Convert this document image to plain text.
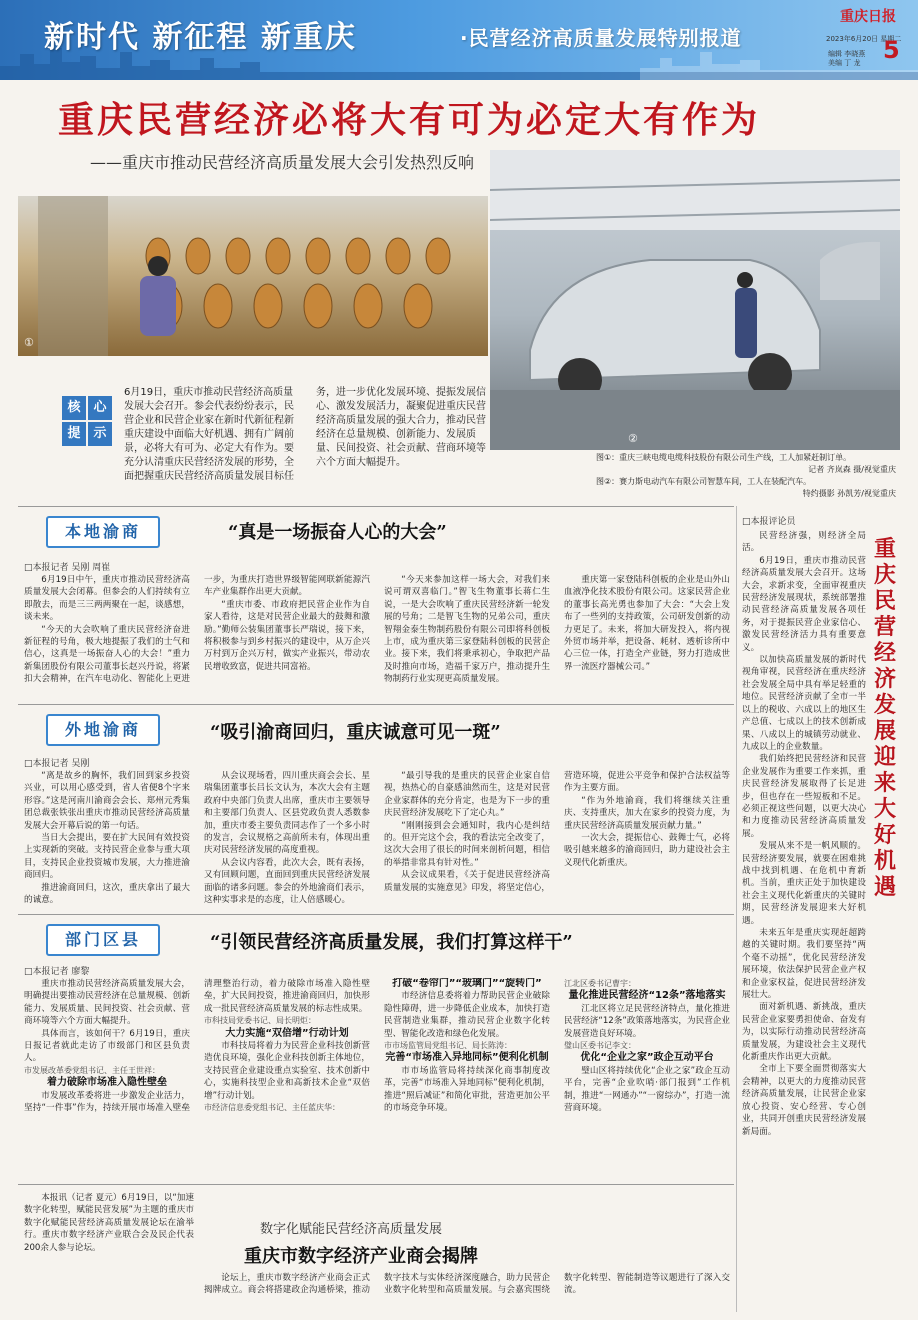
新时代 新征程 新重庆	·民营经济高质量发展特别报道
重庆日报
2023年6月20日 星期二
5
编辑 李晓燕
美编 丁 龙
重庆民营经济必将大有可为必定大有作为
——重庆市推动民营经济高质量发展大会引发热烈反响
①
②
图①：重庆三峡电缆电缆科技股份有限公司生产线，工人加紧赶制订单。
记者 齐岚森 摄/视觉重庆
图②：赛力斯电动汽车有限公司智慧车间，工人在装配汽车。
特约摄影 孙凯芳/视觉重庆
核 心
提 示
6月19日，重庆市推动民营经济高质量发展大会召开。参会代表纷纷表示，民营企业和民营企业家在新时代新征程新重庆建设中面临大好机遇、拥有广阔前景，必将大有可为、必定大有作为。要充分认清重庆民营经济发展的形势，全面把握重庆民营经济高质量发展目标任务，进一步优化发展环境、提振发展信心、激发发展活力，凝聚促进重庆民营经济高质量发展的强大合力，推动民营经济在总量规模、创新能力、发展质量、民间投资、社会贡献、营商环境等六个方面大幅提升。
本地渝商	“真是一场振奋人心的大会”
□本报记者 吴刚 周崔

6月19日中午，重庆市推动民营经济高质量发展大会闭幕。但参会的人们持续有立即散去，而是三三两两聚在一起，谈感想，谈未来。

“今天的大会吹响了重庆民营经济奋进新征程的号角，极大地提振了我们的士气和信心，这真是一场振奋人心的大会！”重力新集团股份有限公司董事长赵兴丹说，将紧扣大会精神，在汽车电动化、智能化上更进一步，为重庆打造世界级智能网联新能源汽车产业集群作出更大贡献。

“重庆市委、市政府把民营企业作为自家人看待，这是对民营企业最大的鼓舞和激励。”勤师公装集团董事长严瑞说，接下来，将积极参与到乡村振兴的建设中，从万企兴万村到万企兴万村，做实产业振兴，带动农民增收致富，促进共同富裕。

“今天来参加这样一场大会，对我们来说可谓双喜临门。”智飞生物董事长蒋仁生说，一是大会吹响了重庆民营经济新一轮发展的号角；二是智飞生物的兄弟公司，重庆智翔金泰生物制药股份有限公司即将科创板上市，成为重庆第三家登陆科创板的民营企业。接下来，我们将秉承初心，争取把产品及时推向市场，造福千家万户，推动提升生物制药行业实现更高质量发展。

重庆第一家登陆科创板的企业是山外山血液净化技术股份有限公司。这家民营企业的董事长高光勇也参加了大会：“大会上发布了一些列的支持政策，公司研发创新的动力更足了。未来，将加大研发投入，将内视外贸市场并举，把设备、耗材、透析诊所中心三位一体，打造全产业链，努力打造成世界一流医疗器械公司。”

外地渝商	“吸引渝商回归，重庆诚意可见一斑”
□本报记者 吴刚

“离是故乡的胸怀，我们回到家乡投资兴业，可以用心感受到，省人省便8个字来形容。”这是河南川渝商会会长、郑州元秀集团总裁张铁张出重庆市推动民营经济高质量发展大会开幕后说的第一句话。

当日大会提出，要在扩大民间有效投资上实现新的突破。支持民营企业参与重大项目，支持民企业投资城市发展，大力推进渝商回归。

推进渝商回归，这次，重庆拿出了最大的诚意。

从会议现场看，四川重庆商会会长、星瑞集团董事长吕长文认为，本次大会有主题政府中央部门负责人出席，重庆市主要领导和主要部门负责人、区县党政负责人悉数参加，重庆市委主要负责同志作了一个多小时的发言，会议规格之高前所未有，体现出重庆对民营经济发展的高度重视。

从会议内容看，此次大会，既有表扬，又有回顾问题，直面回到重庆民营经济发展面临的诸多问题。参会的外地渝商们表示，这种实事求是的态度，让人倍感暖心。

“最引导我的是重庆的民营企业家自信视，热热心的自豪感油然而生，这是对民营企业家群体的充分肯定，也是为下一步的重庆民营经济发展吃下了定心丸。”

“刚刚接到会会通知时，我内心是纠结的。但开完这个会，我的看法完全改变了，这次大会用了很长的时间来剖析问题，相信的举措非常具有针对性。”

从会议成果看，《关于促进民营经济高质量发展的实施意见》印发，将坚定信心，营造环境，促进公平竞争和保护合法权益等作为主要方面。

“作为外地渝商，我们将继续关注重庆、支持重庆，加大在家乡的投资力度，为重庆民营经济高质量发展贡献力量。”

一次大会，提振信心、鼓舞士气，必将吸引越来越多的渝商回归，助力建设社会主义现代化新重庆。

部门区县	“引领民营经济高质量发展，我们打算这样干”
□本报记者 廖黎

重庆市推动民营经济高质量发展大会，明确提出要推动民营经济在总量规模、创新能力、发展质量、民间投资、社会贡献、营商环境等六个方面大幅提升。

具体而言，该如何干？6月19日，重庆日报记者就此走访了市级部门和区县负责人。

市发展改革委党组书记、主任王世祥：

着力破除市场准入隐性壁垒

市发展改革委将进一步激发企业活力，坚持“一件事”作为，持续开展市场准入壁垒清理整治行动，着力破除市场准入隐性壁垒，扩大民间投资，推进渝商回归，加快形成一批民营经济高质量发展的标志性成果。

市科技局党委书记、局长明炬：

大力实施“双倍增”行动计划

市科技局将着力为民营企业科技创新营造优良环境，强化企业科技创新主体地位，支持民营企业建设重点实验室、技术创新中心，实施科技型企业和高新技术企业“双倍增”行动计划。

市经济信息委党组书记、主任蓝庆华：

打破“卷帘门”“玻璃门”“旋转门”

市经济信息委将着力帮助民营企业破除隐性障碍，进一步降低企业成本，加快打造民营制造业集群，推动民营企业数字化转型、智能化改造和绿色化发展。

市市场监管局党组书记、局长陈涛：

完善“市场准入异地同标”便利化机制

市市场监管局将持续深化商事制度改革，完善“市场准入异地同标”便利化机制，推进“照后减证”和简化审批，营造更加公平的市场竞争环境。

江北区委书记曹宇：

量化推进民营经济“12条”落地落实

江北区将立足民营经济特点，量化推进民营经济“12条”政策落地落实，为民营企业发展营造良好环境。

璧山区委书记李文：

优化“企业之家”政企互动平台

璧山区将持续优化“企业之家”政企互动平台，完善“企业吹哨·部门报到”工作机制，推进“一网通办”“一窗综办”，打造一流营商环境。

本报讯（记者 夏元）6月19日，以“加速数字化转型，赋能民营发展”为主题的重庆市数字化赋能民营经济高质量发展论坛在渝举行。重庆市数字经济产业联合会及民企代表200余人参与论坛。

数字化赋能民营经济高质量发展
重庆市数字经济产业商会揭牌

论坛上，重庆市数字经济产业商会正式揭牌成立。商会将搭建政企沟通桥梁，推动数字技术与实体经济深度融合，助力民营企业数字化转型和高质量发展。与会嘉宾围绕数字化转型、智能制造等议题进行了深入交流。

□本报评论员
重庆民营经济发展迎来大好机遇

民营经济强，则经济全局活。

6月19日，重庆市推动民营经济高质量发展大会召开。这场大会，求新求变，全面审视重庆民营经济发展现状，系统部署推动民营经济高质量发展各项任务，对于提振民营企业家信心、激发民营经济活力具有重要意义。

以加快高质量发展的新时代视角审视，民营经济在重庆经济社会发展全局中具有举足轻重的地位。民营经济贡献了全市一半以上的税收、六成以上的地区生产总值、七成以上的技术创新成果、八成以上的城镇劳动就业、九成以上的企业数量。

我们始终把民营经济和民营企业发展作为重要工作来抓，重庆民营经济发展取得了长足进步，但也存在一些短板和不足。必须正视这些问题，以更大决心和力度推动民营经济高质量发展。

发展从来不是一帆风顺的。民营经济要发展，就要在困难挑战中找到机遇、在危机中育新机。当前，重庆正处于加快建设社会主义现代化新重庆的关键时期，民营经济发展迎来大好机遇。

未来五年是重庆实现赶超跨越的关键时期。我们要坚持“两个毫不动摇”，优化民营经济发展环境，依法保护民营企业产权和企业家权益，促进民营经济发展壮大。

面对新机遇、新挑战，重庆民营企业家要勇担使命、奋发有为，以实际行动推动民营经济高质量发展，为建设社会主义现代化新重庆作出更大贡献。

全市上下要全面贯彻落实大会精神，以更大的力度推动民营经济高质量发展，让民营企业家放心投资、安心经营、专心创业，共同开创重庆民营经济发展新局面。
